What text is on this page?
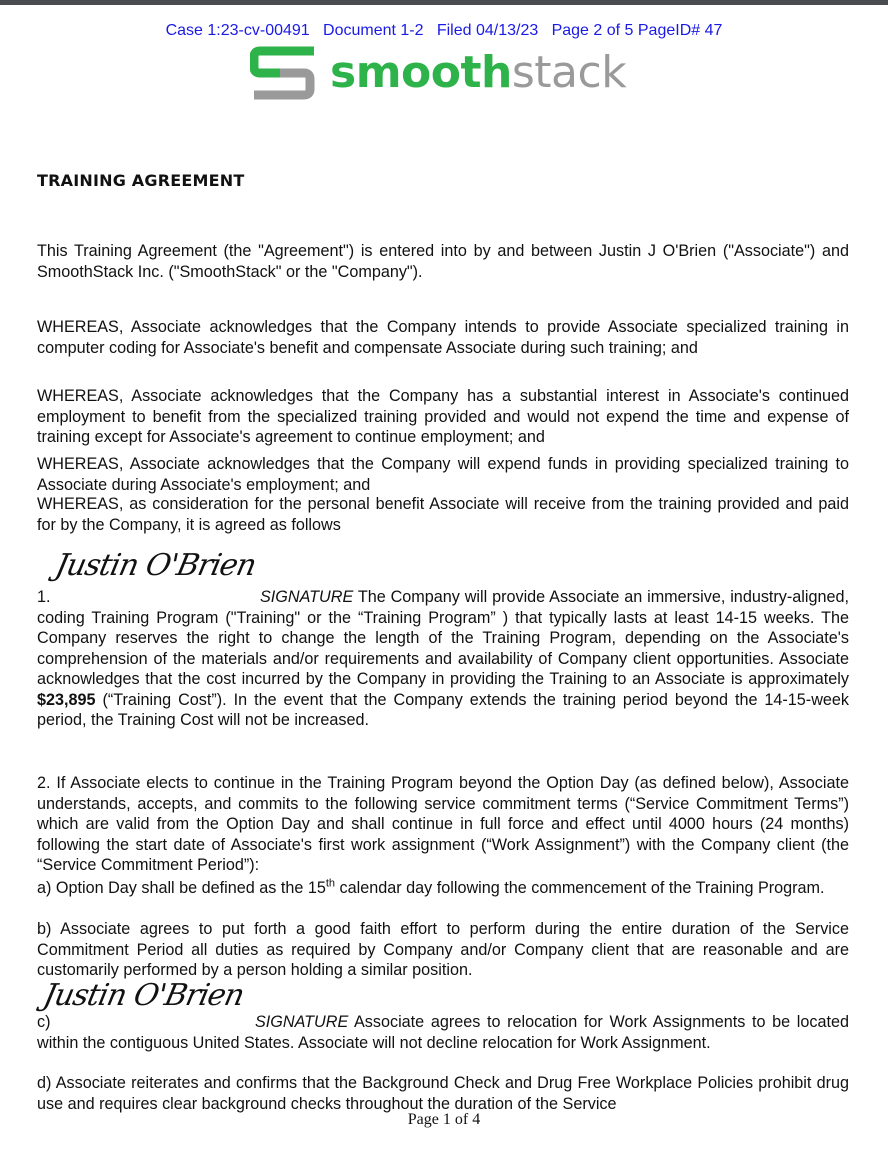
Case 1:23-cv-00491   Document 1-2   Filed 04/13/23   Page 2 of 5 PageID# 47
smoothstack
TRAINING AGREEMENT
This Training Agreement (the "Agreement") is entered into by and between Justin J O'Brien ("Associate") and SmoothStack Inc. ("SmoothStack" or the "Company").
WHEREAS, Associate acknowledges that the Company intends to provide Associate specialized training in computer coding for Associate's benefit and compensate Associate during such training; and
WHEREAS, Associate acknowledges that the Company has a substantial interest in Associate's continued employment to benefit from the specialized training provided and would not expend the time and expense of training except for Associate's agreement to continue employment; and
WHEREAS, Associate acknowledges that the Company will expend funds in providing specialized training to Associate during Associate's employment; and
WHEREAS, as consideration for the personal benefit Associate will receive from the training provided and paid for by the Company, it is agreed as follows
Justin O'Brien
1.	SIGNATURE The Company will provide Associate an immersive, industry-aligned, coding Training Program ("Training" or the “Training Program” ) that typically lasts at least 14-15 weeks. The Company reserves the right to change the length of the Training Program, depending on the Associate's comprehension of the materials and/or requirements and availability of Company client opportunities. Associate acknowledges that the cost incurred by the Company in providing the Training to an Associate is approximately $23,895 (“Training Cost”). In the event that the Company extends the training period beyond the 14-15-week period, the Training Cost will not be increased.
2. If Associate elects to continue in the Training Program beyond the Option Day (as defined below), Associate understands, accepts, and commits to the following service commitment terms (“Service Commitment Terms”) which are valid from the Option Day and shall continue in full force and effect until 4000 hours (24 months) following the start date of Associate's first work assignment (“Work Assignment”) with the Company client (the “Service Commitment Period”):
a) Option Day shall be defined as the 15th calendar day following the commencement of the Training Program.
b) Associate agrees to put forth a good faith effort to perform during the entire duration of the Service Commitment Period all duties as required by Company and/or Company client that are reasonable and are customarily performed by a person holding a similar position.
Justin O'Brien
c)	SIGNATURE Associate agrees to relocation for Work Assignments to be located within the contiguous United States. Associate will not decline relocation for Work Assignment.
d) Associate reiterates and confirms that the Background Check and Drug Free Workplace Policies prohibit drug use and requires clear background checks throughout the duration of the Service
Page 1 of 4
